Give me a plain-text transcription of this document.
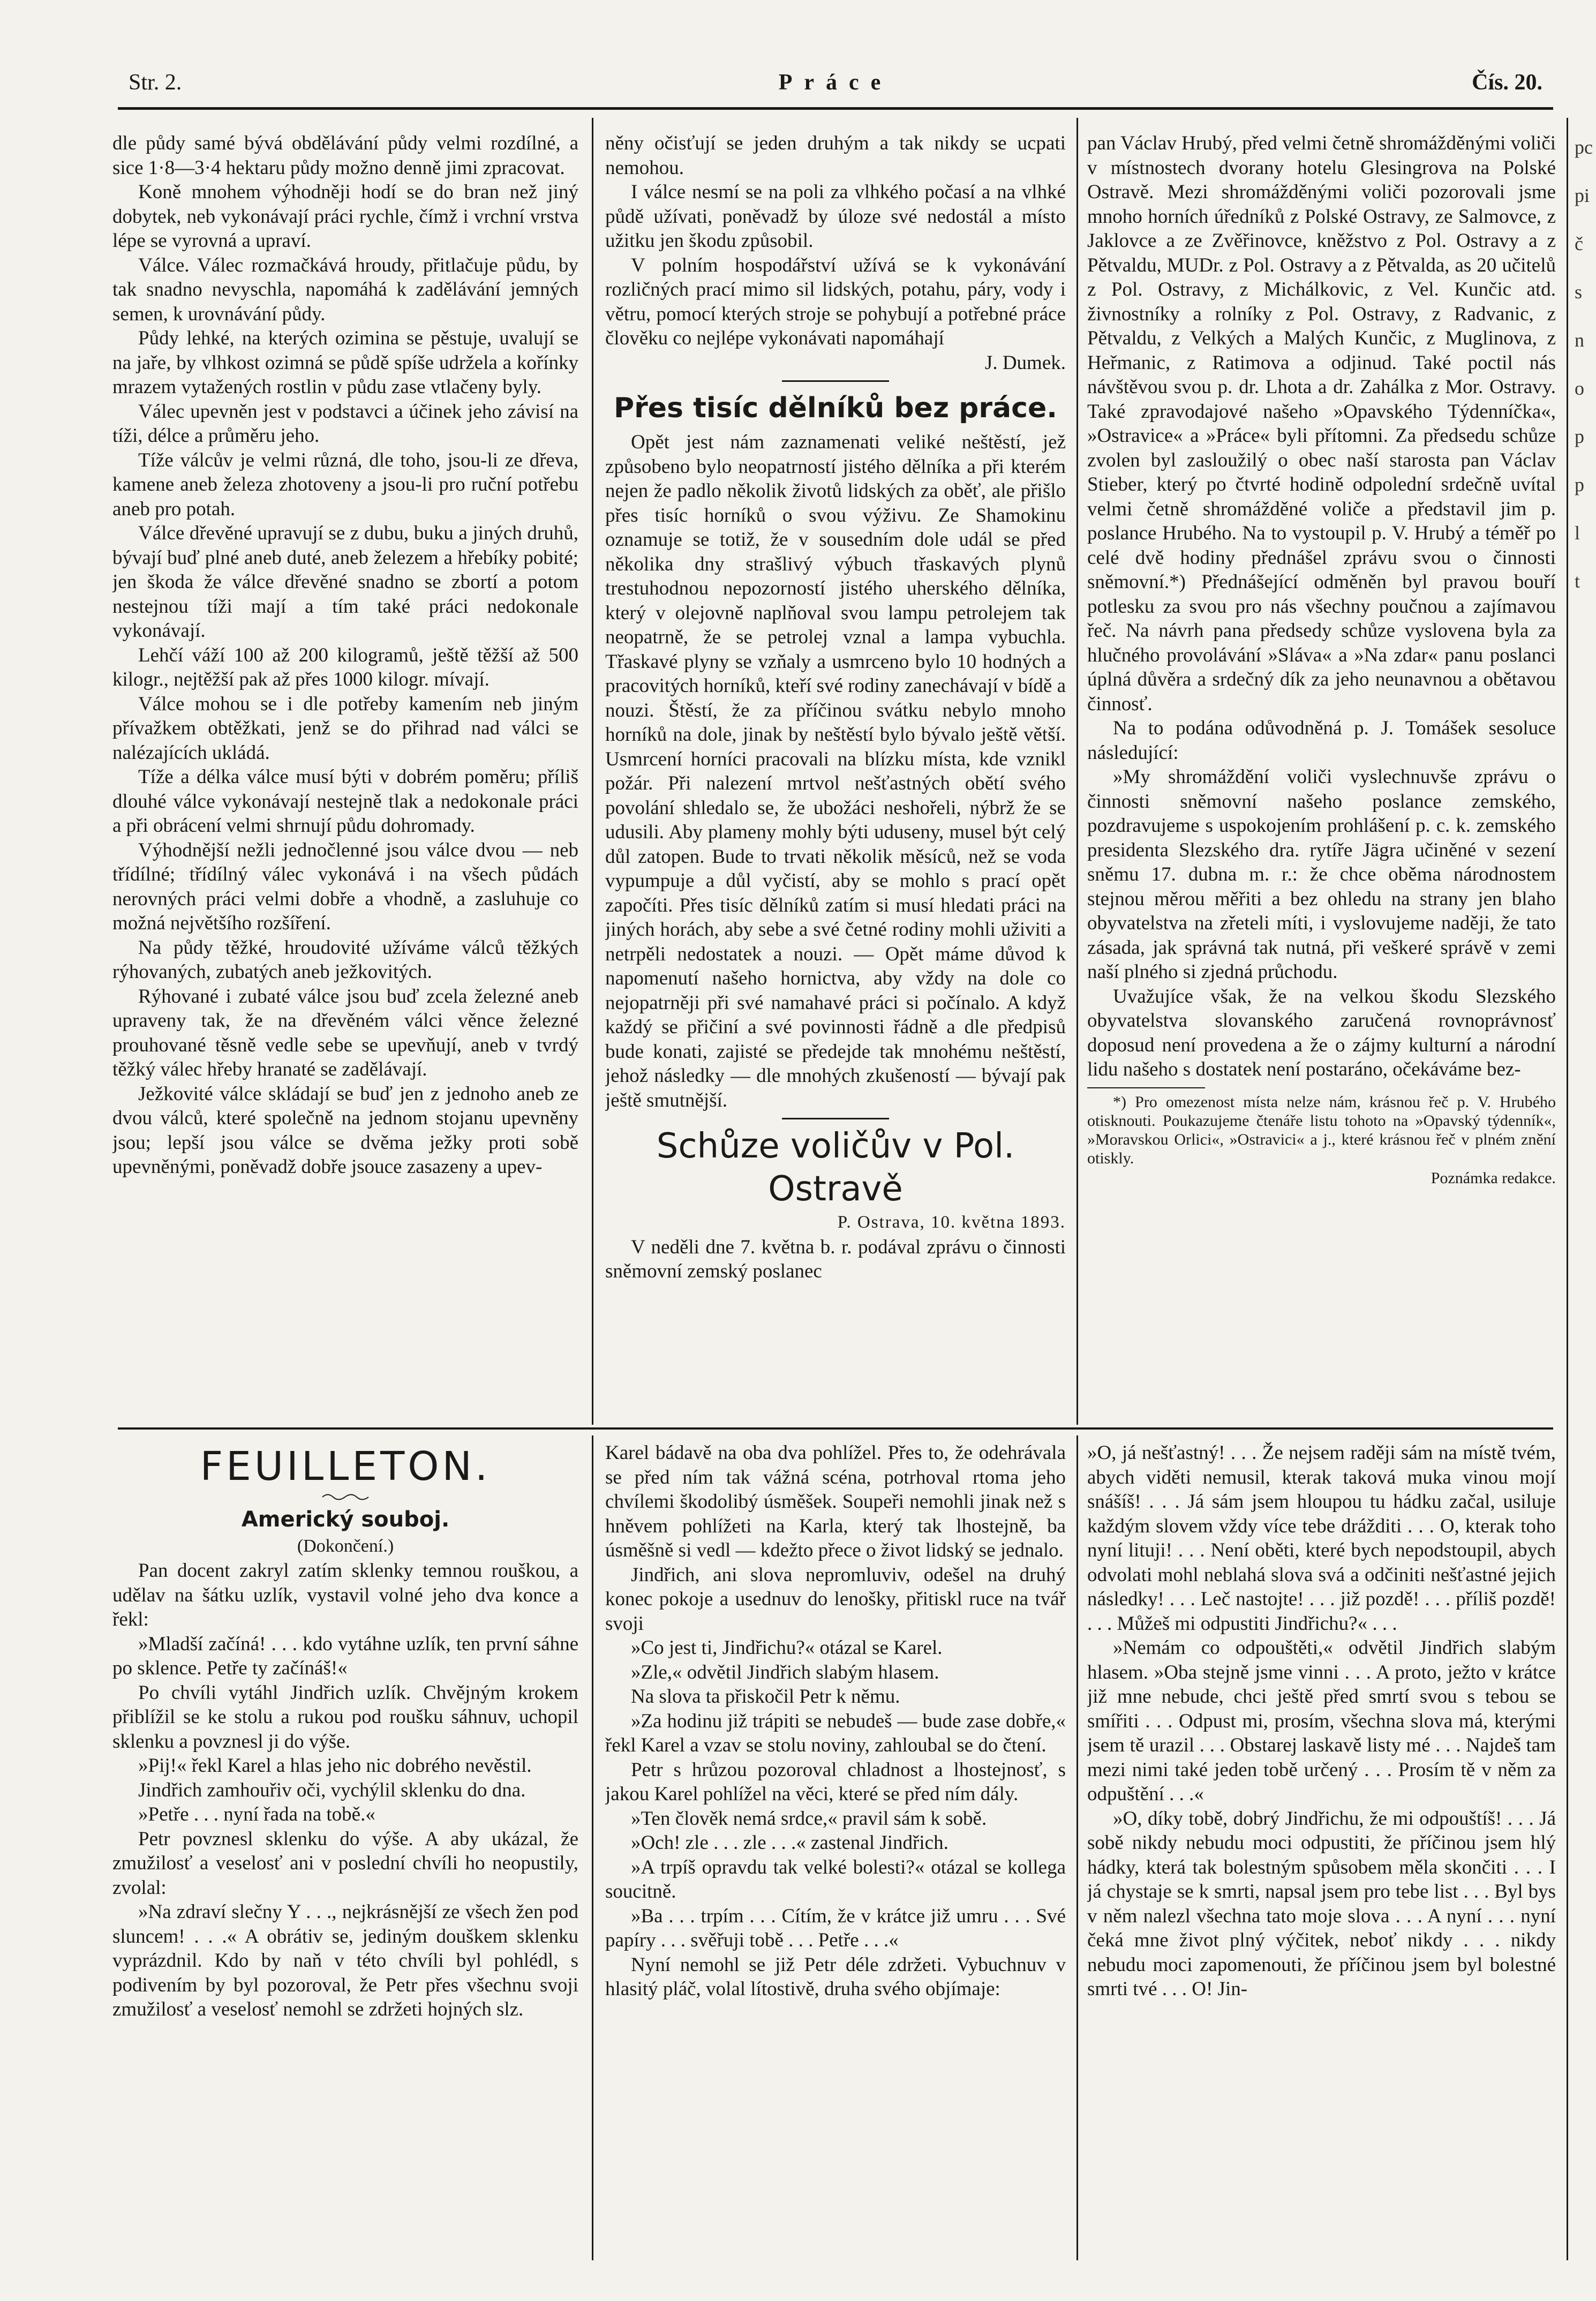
Str. 2.	Práce	Čís. 20.

dle půdy samé bývá obdělávání půdy velmi rozdílné, a sice 1·8—3·4 hektaru půdy možno denně jimi zpracovat.

Koně mnohem výhodněji hodí se do bran než jiný dobytek, neb vykonávají práci rychle, čímž i vrchní vrstva lépe se vyrovná a upraví.

Válce. Válec rozmačkává hroudy, přitlačuje půdu, by tak snadno nevyschla, napomáhá k zadělávání jemných semen, k urovnávání půdy.

Půdy lehké, na kterých ozimina se pěstuje, uvalují se na jaře, by vlhkost ozimná se půdě spíše udržela a kořínky mrazem vytažených rostlin v půdu zase vtlačeny byly.

Válec upevněn jest v podstavci a účinek jeho závisí na tíži, délce a průměru jeho.

Tíže válcův je velmi různá, dle toho, jsou-li ze dřeva, kamene aneb železa zhotoveny a jsou-li pro ruční potřebu aneb pro potah.

Válce dřevěné upravují se z dubu, buku a jiných druhů, bývají buď plné aneb duté, aneb železem a hřebíky pobité; jen škoda že válce dřevěné snadno se zbortí a potom nestejnou tíži mají a tím také práci nedokonale vykonávají.

Lehčí váží 100 až 200 kilogramů, ještě těžší až 500 kilogr., nejtěžší pak až přes 1000 kilogr. mívají.

Válce mohou se i dle potřeby kamením neb jiným přívažkem obtěžkati, jenž se do přihrad nad válci se nalézajících ukládá.

Tíže a délka válce musí býti v dobrém poměru; příliš dlouhé válce vykonávají nestejně tlak a nedokonale práci a při obrácení velmi shrnují půdu dohromady.

Výhodnější nežli jednočlenné jsou válce dvou — neb třídílné; třídílný válec vykonává i na všech půdách nerovných práci velmi dobře a vhodně, a zasluhuje co možná největšího rozšíření.

Na půdy těžké, hroudovité užíváme válců těžkých rýhovaných, zubatých aneb ježkovitých.

Rýhované i zubaté válce jsou buď zcela železné aneb upraveny tak, že na dřevěném válci věnce železné prouhované těsně vedle sebe se upevňují, aneb v tvrdý těžký válec hřeby hranaté se zadělávají.

Ježkovité válce skládají se buď jen z jednoho aneb ze dvou válců, které společně na jednom stojanu upevněny jsou; lepší jsou válce se dvěma ježky proti sobě upevněnými, poněvadž dobře jsouce zasazeny a upev-

něny očisťují se jeden druhým a tak nikdy se ucpati nemohou.

I válce nesmí se na poli za vlhkého počasí a na vlhké půdě užívati, poněvadž by úloze své nedostál a místo užitku jen škodu způsobil.

V polním hospodářství užívá se k vykonávání rozličných prací mimo sil lidských, potahu, páry, vody i větru, pomocí kterých stroje se pohybují a potřebné práce člověku co nejlépe vykonávati napomáhají

J. Dumek.
Přes tisíc dělníků bez práce.

Opět jest nám zaznamenati veliké neštěstí, jež způsobeno bylo neopatrností jistého dělníka a při kterém nejen že padlo několik životů lidských za oběť, ale přišlo přes tisíc horníků o svou výživu. Ze Shamokinu oznamuje se totiž, že v sousedním dole udál se před několika dny strašlivý výbuch třaskavých plynů trestuhodnou nepozorností jistého uherského dělníka, který v olejovně naplňoval svou lampu petrolejem tak neopatrně, že se petrolej vznal a lampa vybuchla. Třaskavé plyny se vzňaly a usmrceno bylo 10 hodných a pracovitých horníků, kteří své rodiny zanechávají v bídě a nouzi. Štěstí, že za příčinou svátku nebylo mnoho horníků na dole, jinak by neštěstí bylo bývalo ještě větší. Usmrcení horníci pracovali na blízku místa, kde vznikl požár. Při nalezení mrtvol nešťastných obětí svého povolání shledalo se, že ubožáci neshořeli, nýbrž že se udusili. Aby plameny mohly býti uduseny, musel být celý důl zatopen. Bude to trvati několik měsíců, než se voda vypumpuje a důl vyčistí, aby se mohlo s prací opět započíti. Přes tisíc dělníků zatím si musí hledati práci na jiných horách, aby sebe a své četné rodiny mohli uživiti a netrpěli nedostatek a nouzi. — Opět máme důvod k napomenutí našeho hornictva, aby vždy na dole co nejopatrněji při své namahavé práci si počínalo. A když každý se přičiní a své povinnosti řádně a dle předpisů bude konati, zajisté se předejde tak mnohému neštěstí, jehož následky — dle mnohých zkušeností — bývají pak ještě smutnější.

Schůze voličův v Pol. Ostravě
P. Ostrava, 10. května 1893.

V neděli dne 7. května b. r. podával zprávu o činnosti sněmovní zemský poslanec

pan Václav Hrubý, před velmi četně shromážděnými voliči v místnostech dvorany hotelu Glesingrova na Polské Ostravě. Mezi shromážděnými voliči pozorovali jsme mnoho horních úředníků z Polské Ostravy, ze Salmovce, z Jaklovce a ze Zvěřinovce, kněžstvo z Pol. Ostravy a z Pětvaldu, MUDr. z Pol. Ostravy a z Pětvalda, as 20 učitelů z Pol. Ostravy, z Michálkovic, z Vel. Kunčic atd. živnostníky a rolníky z Pol. Ostravy, z Radvanic, z Pětvaldu, z Velkých a Malých Kunčic, z Muglinova, z Heřmanic, z Ratimova a odjinud. Také poctil nás návštěvou svou p. dr. Lhota a dr. Zahálka z Mor. Ostravy. Také zpravodajové našeho »Opavského Týdenníčka«, »Ostravice« a »Práce« byli přítomni. Za předsedu schůze zvolen byl zasloužilý o obec naší starosta pan Václav Stieber, který po čtvrté hodině odpolední srdečně uvítal velmi četně shromážděné voliče a představil jim p. poslance Hrubého. Na to vystoupil p. V. Hrubý a téměř po celé dvě hodiny přednášel zprávu svou o činnosti sněmovní.*) Přednášející odměněn byl pravou bouří potlesku za svou pro nás všechny poučnou a zajímavou řeč. Na návrh pana předsedy schůze vyslovena byla za hlučného provolávání »Sláva« a »Na zdar« panu poslanci úplná důvěra a srdečný dík za jeho neunavnou a obětavou činnosť.

Na to podána odůvodněná p. J. Tomášek sesoluce následující:

»My shromáždění voliči vyslechnuvše zprávu o činnosti sněmovní našeho poslance zemského, pozdravujeme s uspokojením prohlášení p. c. k. zemského presidenta Slezského dra. rytíře Jägra učiněné v sezení sněmu 17. dubna m. r.: že chce oběma národnostem stejnou měrou měřiti a bez ohledu na strany jen blaho obyvatelstva na zřeteli míti, i vyslovujeme naději, že tato zásada, jak správná tak nutná, při veškeré správě v zemi naší plného si zjedná průchodu.

Uvažujíce však, že na velkou škodu Slezského obyvatelstva slovanského zaručená rovnoprávnosť doposud není provedena a že o zájmy kulturní a národní lidu našeho s dostatek není postaráno, očekáváme bez-

*) Pro omezenost místa nelze nám, krásnou řeč p. V. Hrubého otisknouti. Poukazujeme čtenáře listu tohoto na »Opavský týdenník«, »Moravskou Orlici«, »Ostravici« a j., které krásnou řeč v plném znění otiskly.

Poznámka redakce.
FEUILLETON.
Americký souboj.
(Dokončení.)

Pan docent zakryl zatím sklenky temnou rouškou, a udělav na šátku uzlík, vystavil volné jeho dva konce a řekl:

»Mladší začíná! . . . kdo vytáhne uzlík, ten první sáhne po sklence. Petře ty začínáš!«

Po chvíli vytáhl Jindřich uzlík. Chvějným krokem přiblížil se ke stolu a rukou pod roušku sáhnuv, uchopil sklenku a povznesl ji do výše.

»Pij!« řekl Karel a hlas jeho nic dobrého nevěstil.

Jindřich zamhouřiv oči, vychýlil sklenku do dna.

»Petře . . . nyní řada na tobě.«

Petr povznesl sklenku do výše. A aby ukázal, že zmužilosť a veselosť ani v poslední chvíli ho neopustily, zvolal:

»Na zdraví slečny Y . . ., nejkrásnější ze všech žen pod sluncem! . . .« A obrátiv se, jediným douškem sklenku vyprázdnil. Kdo by naň v této chvíli byl pohlédl, s podivením by byl pozoroval, že Petr přes všechnu svoji zmužilosť a veselosť nemohl se zdržeti hojných slz.

Karel bádavě na oba dva pohlížel. Přes to, že odehrávala se před ním tak vážná scéna, potrhoval rtoma jeho chvílemi škodolibý úsměšek. Soupeři nemohli jinak než s hněvem pohlížeti na Karla, který tak lhostejně, ba úsměšně si vedl — kdežto přece o život lidský se jednalo.

Jindřich, ani slova nepromluviv, odešel na druhý konec pokoje a usednuv do lenošky, přitiskl ruce na tvář svoji

»Co jest ti, Jindřichu?« otázal se Karel.

»Zle,« odvětil Jindřich slabým hlasem.

Na slova ta přiskočil Petr k němu.

»Za hodinu již trápiti se nebudeš — bude zase dobře,« řekl Karel a vzav se stolu noviny, zahloubal se do čtení.

Petr s hrůzou pozoroval chladnost a lhostejnosť, s jakou Karel pohlížel na věci, které se před ním dály.

»Ten člověk nemá srdce,« pravil sám k sobě.

»Och! zle . . . zle . . .« zastenal Jindřich.

»A trpíš opravdu tak velké bolesti?« otázal se kollega soucitně.

»Ba . . . trpím . . . Cítím, že v krátce již umru . . . Své papíry . . . svěřuji tobě . . . Petře . . .«

Nyní nemohl se již Petr déle zdržeti. Vybuchnuv v hlasitý pláč, volal lítostivě, druha svého objímaje:

»O, já nešťastný! . . . Že nejsem raději sám na místě tvém, abych viděti nemusil, kterak taková muka vinou mojí snášíš! . . . Já sám jsem hloupou tu hádku začal, usiluje každým slovem vždy více tebe drážditi . . . O, kterak toho nyní lituji! . . . Není oběti, které bych nepodstoupil, abych odvolati mohl neblahá slova svá a odčiniti nešťastné jejich následky! . . . Leč nastojte! . . . již pozdě! . . . příliš pozdě! . . . Můžeš mi odpustiti Jindřichu?« . . .

»Nemám co odpouštěti,« odvětil Jindřich slabým hlasem. »Oba stejně jsme vinni . . . A proto, ježto v krátce již mne nebude, chci ještě před smrtí svou s tebou se smířiti . . . Odpust mi, prosím, všechna slova má, kterými jsem tě urazil . . . Obstarej laskavě listy mé . . . Najdeš tam mezi nimi také jeden tobě určený . . . Prosím tě v něm za odpuštění . . .«

»O, díky tobě, dobrý Jindřichu, že mi odpouštíš! . . . Já sobě nikdy nebudu moci odpustiti, že příčinou jsem hlý hádky, která tak bolestným spůsobem měla skončiti . . . I já chystaje se k smrti, napsal jsem pro tebe list . . . Byl bys v něm nalezl všechna tato moje slova . . . A nyní . . . nyní čeká mne život plný výčitek, neboť nikdy . . . nikdy nebudu moci zapomenouti, že příčinou jsem byl bolestné smrti tvé . . . O! Jin-

pc
pi
č
s
n
o
p
p
l
t
